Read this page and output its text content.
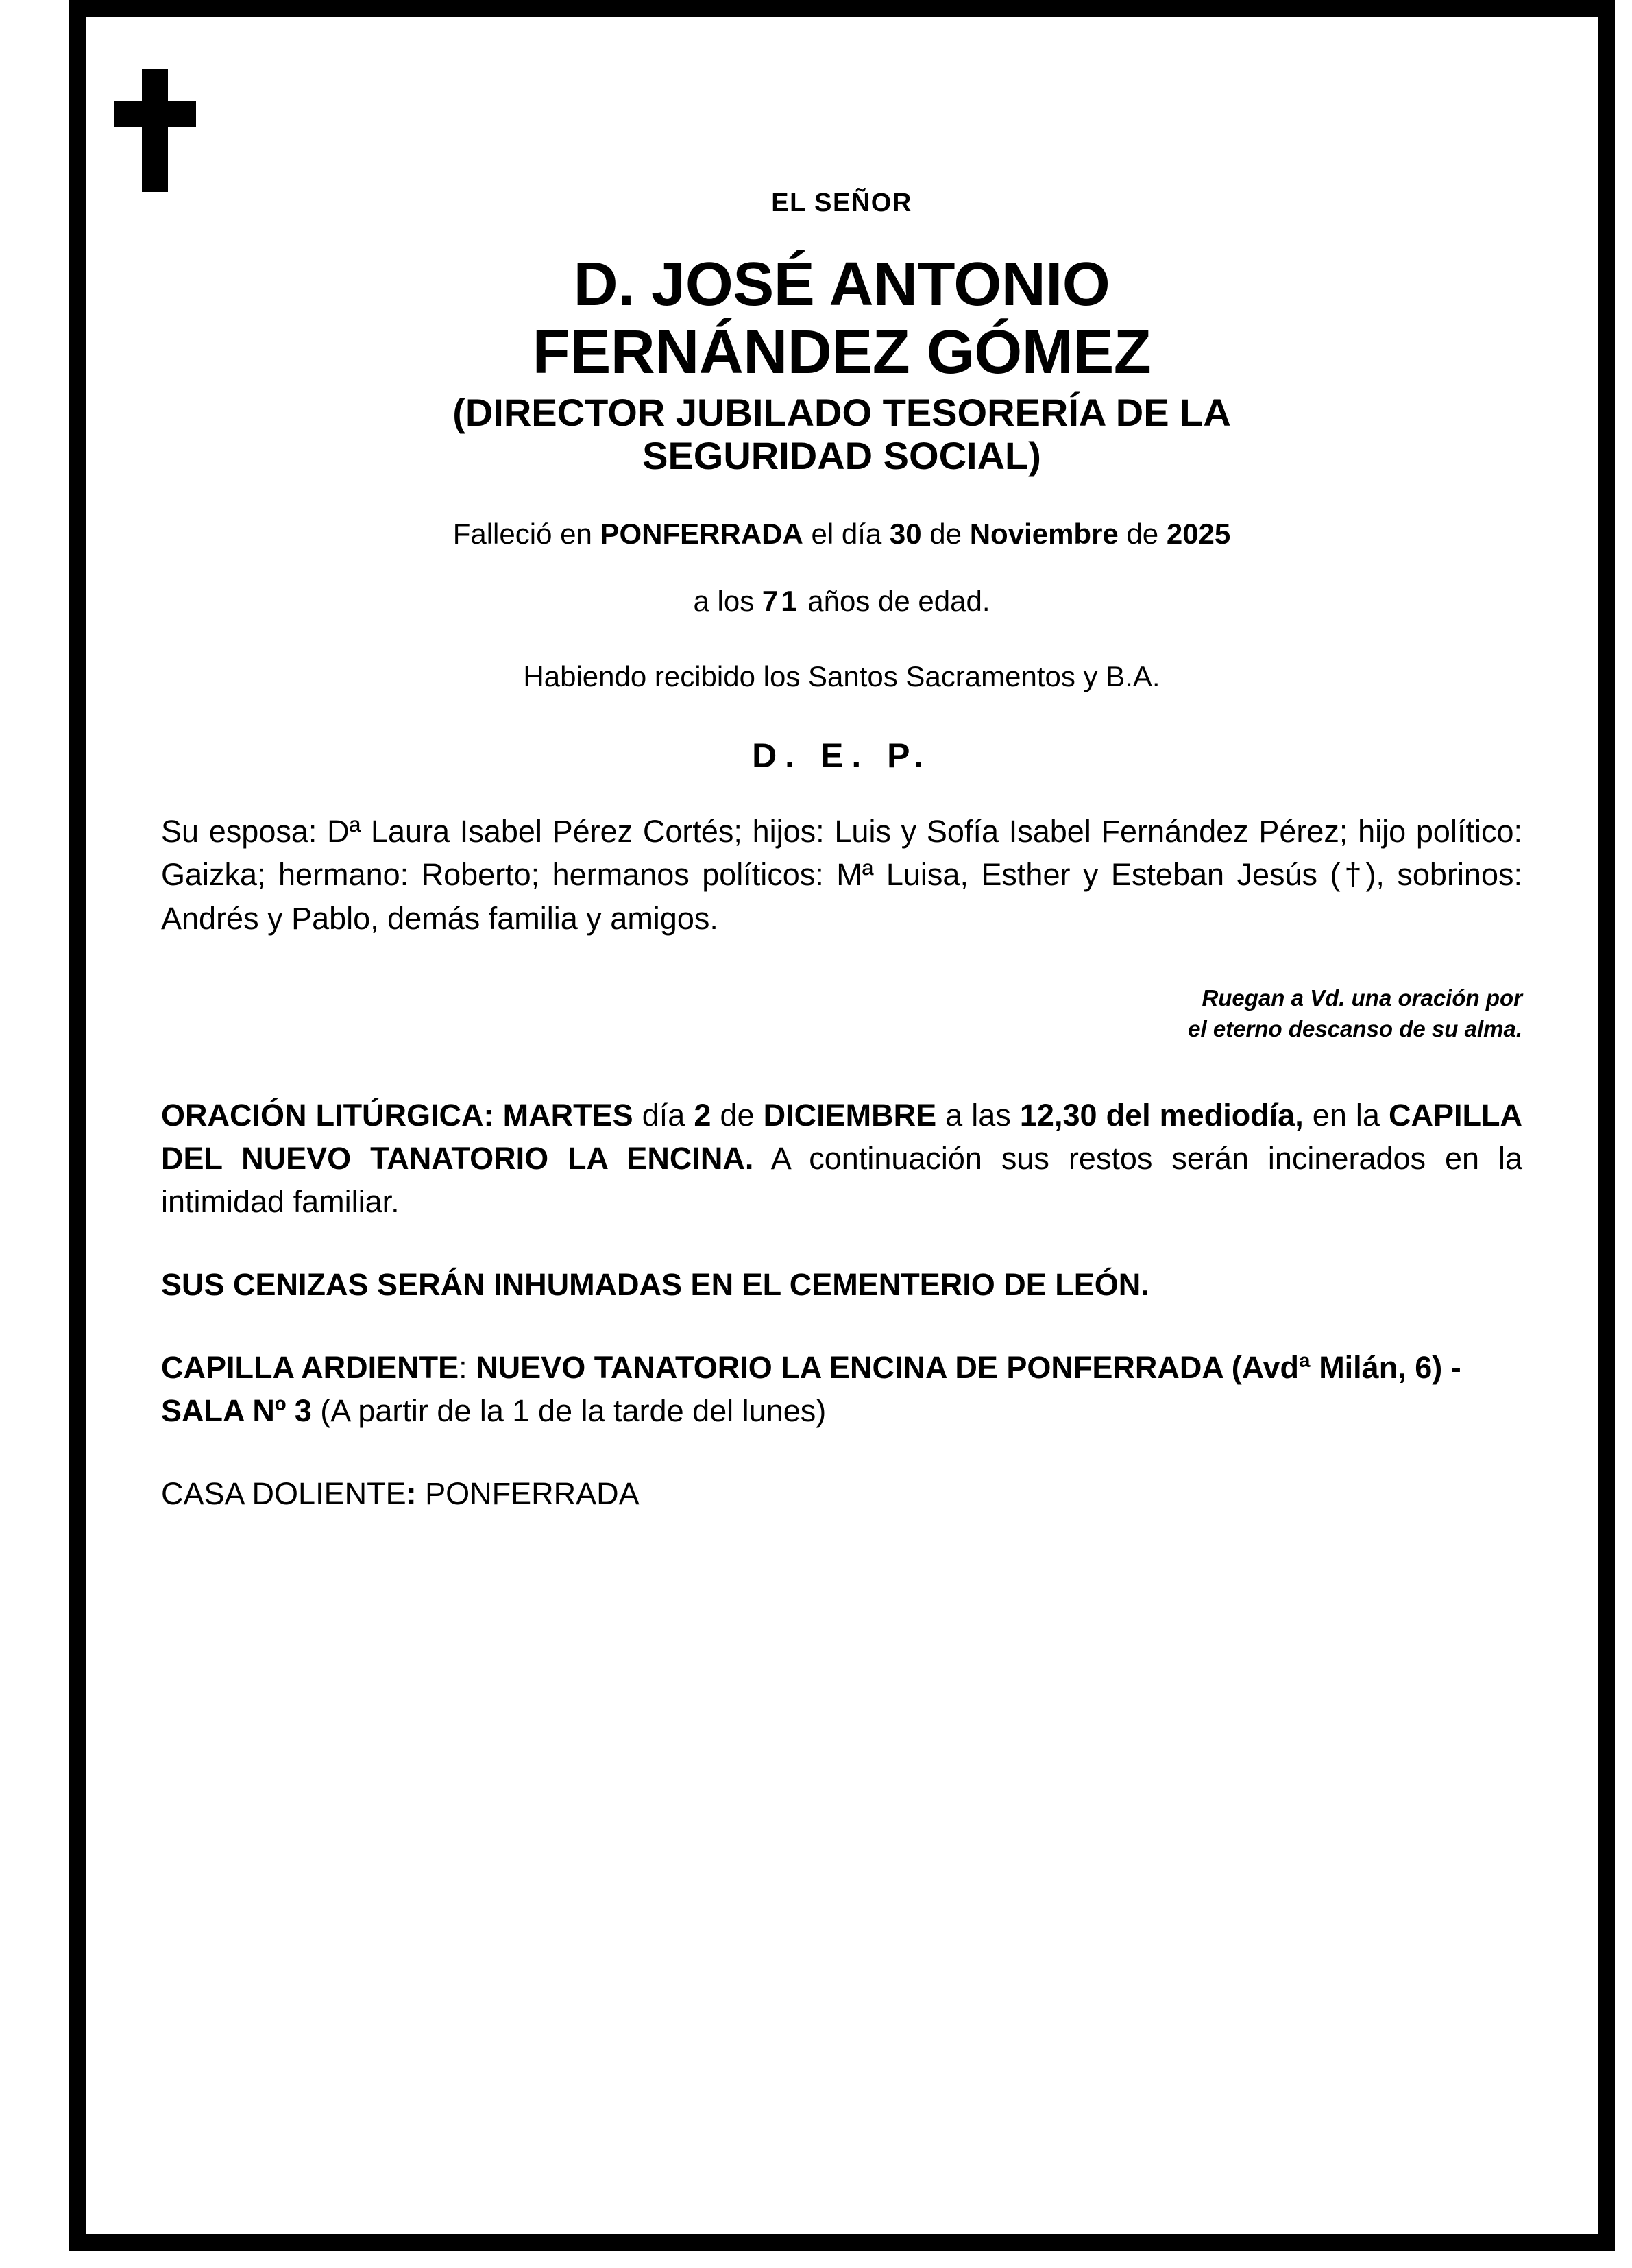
EL SEÑOR
D. JOSÉ ANTONIO
FERNÁNDEZ GÓMEZ
(DIRECTOR JUBILADO TESORERÍA DE LA
SEGURIDAD SOCIAL)
Falleció en PONFERRADA el día 30 de Noviembre de 2025
a los 71 años de edad.
Habiendo recibido los Santos Sacramentos y B.A.
D. E. P.
Su esposa: Dª Laura Isabel Pérez Cortés; hijos: Luis y Sofía Isabel Fernández Pérez; hijo político: Gaizka; hermano: Roberto; hermanos políticos: Mª Luisa, Esther y Esteban Jesús (†), sobrinos: Andrés y Pablo, demás familia y amigos.
Ruegan a Vd. una oración por
el eterno descanso de su alma.
ORACIÓN LITÚRGICA: MARTES día 2 de DICIEMBRE a las 12,30 del mediodía, en la CAPILLA DEL NUEVO TANATORIO LA ENCINA. A continuación sus restos serán incinerados en la intimidad familiar.
SUS CENIZAS SERÁN INHUMADAS EN EL CEMENTERIO DE LEÓN.
CAPILLA ARDIENTE: NUEVO TANATORIO LA ENCINA DE PONFERRADA (Avdª Milán, 6) - SALA Nº 3 (A partir de la 1 de la tarde del lunes)
CASA DOLIENTE: PONFERRADA
